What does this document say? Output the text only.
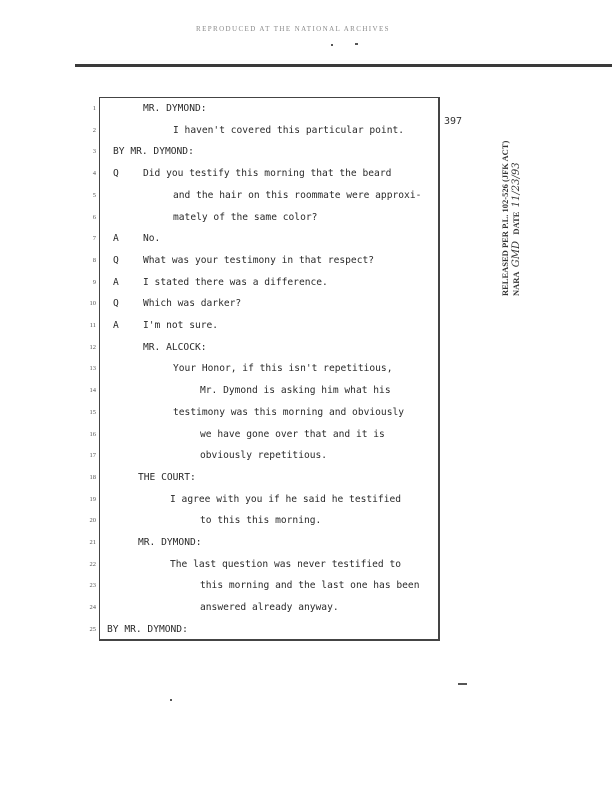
REPRODUCED AT THE NATIONAL ARCHIVES
397
1	MR. DYMOND:
2	I haven't covered this particular point.
3 BY MR. DYMOND:
4 Q	Did you testify this morning that the beard
5	and the hair on this roommate were approxi-
6	mately of the same color?
7 A	No.
8 Q	What was your testimony in that respect?
9 A	I stated there was a difference.
10 Q	Which was darker?
11 A	I'm not sure.
12	MR. ALCOCK:
13	Your Honor, if this isn't repetitious,
14	Mr. Dymond is asking him what his
15	testimony was this morning and obviously
16	we have gone over that and it is
17	obviously repetitious.
18	THE COURT:
19	I agree with you if he said he testified
20	to this this morning.
21	MR. DYMOND:
22	The last question was never testified to
23	this morning and the last one has been
24	answered already anyway.
25 BY MR. DYMOND:
RELEASED PER P.L. 102-526 (JFK ACT) NARA  GMD   DATE  11/23/93
